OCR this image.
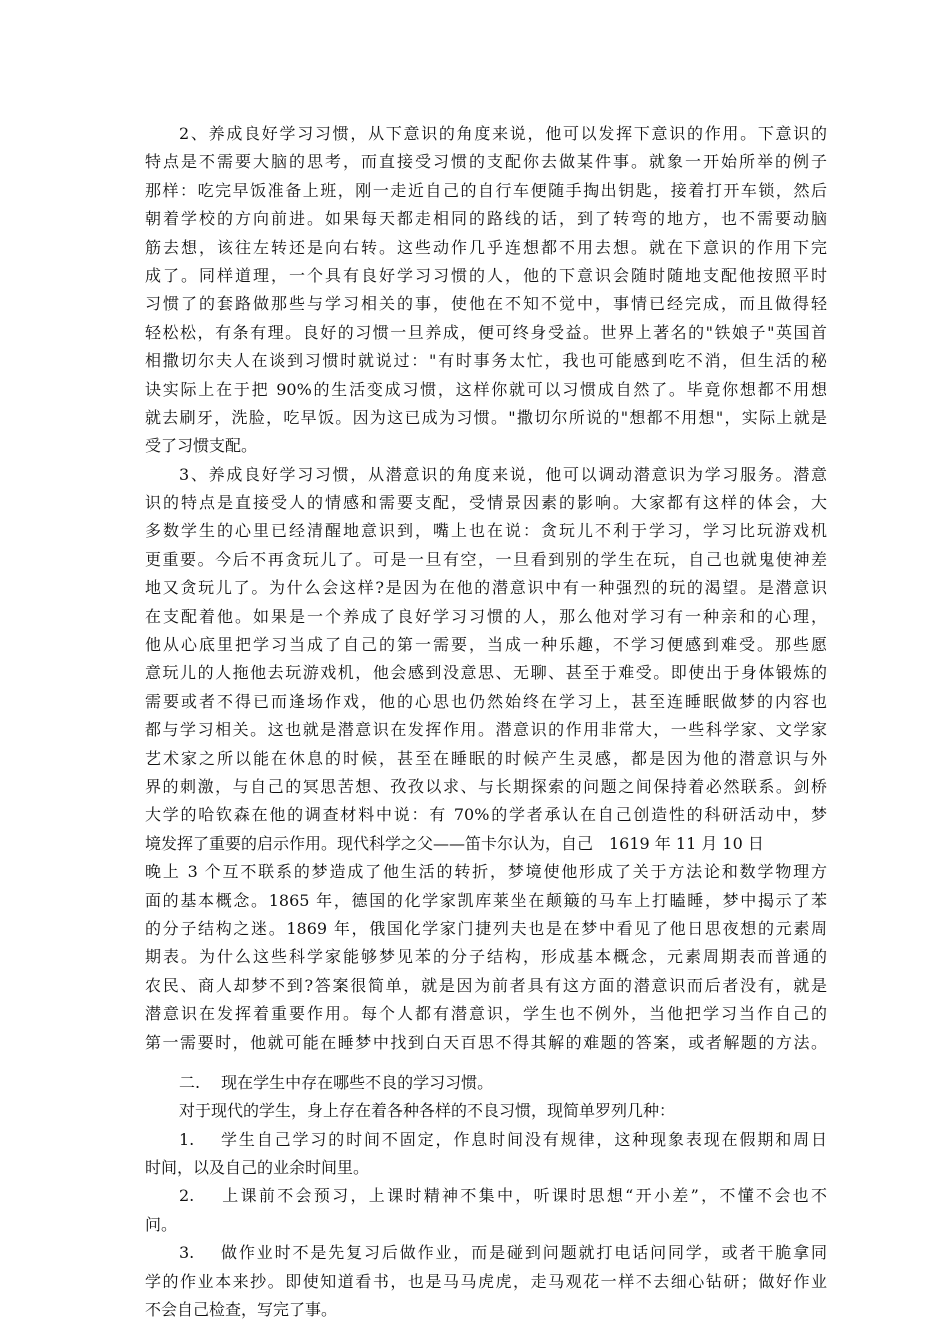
2、养成良好学习习惯，从下意识的角度来说，他可以发挥下意识的作用。下意识的
特点是不需要大脑的思考，而直接受习惯的支配你去做某件事。就象一开始所举的例子
那样：吃完早饭准备上班，刚一走近自己的自行车便随手掏出钥匙，接着打开车锁，然后
朝着学校的方向前进。如果每天都走相同的路线的话，到了转弯的地方，也不需要动脑
筋去想，该往左转还是向右转。这些动作几乎连想都不用去想。就在下意识的作用下完
成了。同样道理，一个具有良好学习习惯的人，他的下意识会随时随地支配他按照平时
习惯了的套路做那些与学习相关的事，使他在不知不觉中，事情已经完成，而且做得轻
轻松松，有条有理。良好的习惯一旦养成，便可终身受益。世界上著名的"铁娘子"英国首
相撒切尔夫人在谈到习惯时就说过："有时事务太忙，我也可能感到吃不消，但生活的秘
诀实际上在于把 90%的生活变成习惯，这样你就可以习惯成自然了。毕竟你想都不用想
就去刷牙，洗脸，吃早饭。因为这已成为习惯。"撒切尔所说的"想都不用想"，实际上就是
受了习惯支配。
3、养成良好学习习惯，从潜意识的角度来说，他可以调动潜意识为学习服务。潜意
识的特点是直接受人的情感和需要支配，受情景因素的影响。大家都有这样的体会，大
多数学生的心里已经清醒地意识到，嘴上也在说：贪玩儿不利于学习，学习比玩游戏机
更重要。今后不再贪玩儿了。可是一旦有空，一旦看到别的学生在玩，自己也就鬼使神差
地又贪玩儿了。为什么会这样?是因为在他的潜意识中有一种强烈的玩的渴望。是潜意识
在支配着他。如果是一个养成了良好学习习惯的人，那么他对学习有一种亲和的心理，
他从心底里把学习当成了自己的第一需要，当成一种乐趣，不学习便感到难受。那些愿
意玩儿的人拖他去玩游戏机，他会感到没意思、无聊、甚至于难受。即使出于身体锻炼的
需要或者不得已而逢场作戏，他的心思也仍然始终在学习上，甚至连睡眠做梦的内容也
都与学习相关。这也就是潜意识在发挥作用。潜意识的作用非常大，一些科学家、文学家
艺术家之所以能在休息的时候，甚至在睡眠的时候产生灵感，都是因为他的潜意识与外
界的刺激，与自己的冥思苦想、孜孜以求、与长期探索的问题之间保持着必然联系。剑桥
大学的哈钦森在他的调查材料中说：有 70%的学者承认在自己创造性的科研活动中，梦
境发挥了重要的启示作用。现代科学之父——笛卡尔认为，自己　1619 年 11 月 10 日
晚上 3 个互不联系的梦造成了他生活的转折，梦境使他形成了关于方法论和数学物理方
面的基本概念。1865 年，德国的化学家凯库莱坐在颠簸的马车上打瞌睡，梦中揭示了苯
的分子结构之迷。1869 年，俄国化学家门捷列夫也是在梦中看见了他日思夜想的元素周
期表。为什么这些科学家能够梦见苯的分子结构，形成基本概念，元素周期表而普通的
农民、商人却梦不到?答案很简单，就是因为前者具有这方面的潜意识而后者没有，就是
潜意识在发挥着重要作用。每个人都有潜意识，学生也不例外，当他把学习当作自己的
第一需要时，他就可能在睡梦中找到白天百思不得其解的难题的答案，或者解题的方法。
二.　 现在学生中存在哪些不良的学习习惯。
对于现代的学生，身上存在着各种各样的不良习惯，现简单罗列几种：
1.　 学生自己学习的时间不固定，作息时间没有规律，这种现象表现在假期和周日
时间，以及自己的业余时间里。
2.　 上课前不会预习，上课时精神不集中，听课时思想“开小差”，不懂不会也不
问。
3.　 做作业时不是先复习后做作业，而是碰到问题就打电话问同学，或者干脆拿同
学的作业本来抄。即使知道看书，也是马马虎虎，走马观花一样不去细心钻研；做好作业
不会自己检查，写完了事。
